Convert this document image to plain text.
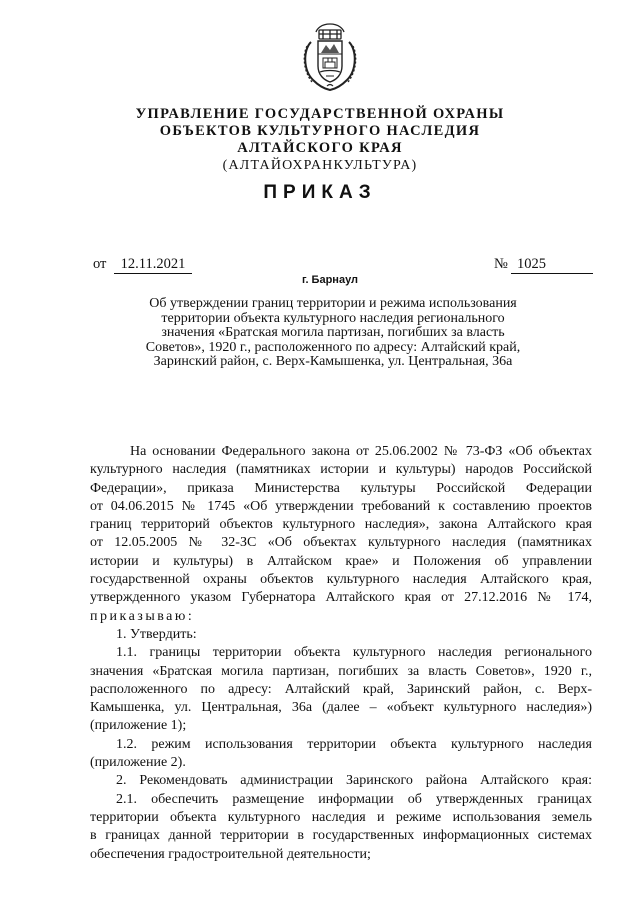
УПРАВЛЕНИЕ ГОСУДАРСТВЕННОЙ ОХРАНЫ
ОБЪЕКТОВ КУЛЬТУРНОГО НАСЛЕДИЯ
АЛТАЙСКОГО КРАЯ
(АЛТАЙОХРАНКУЛЬТУРА)
ПРИКАЗ
от 12.11.2021	№ 1025
г. Барнаул
Об утверждении границ территории и режима использования
территории объекта культурного наследия регионального
значения «Братская могила партизан, погибших за власть
Советов», 1920 г., расположенного по адресу: Алтайский край,
Заринский район, с. Верх-Камышенка, ул. Центральная, 36а
На основании Федерального закона от 25.06.2002 № 73-ФЗ «Об объектах
культурного наследия (памятниках истории и культуры) народов Российской
Федерации», приказа Министерства культуры Российской Федерации
от 04.06.2015 № 1745 «Об утверждении требований к составлению проектов
границ территорий объектов культурного наследия», закона Алтайского края
от 12.05.2005 № 32-ЗС «Об объектах культурного наследия (памятниках
истории и культуры) в Алтайском крае» и Положения об управлении
государственной охраны объектов культурного наследия Алтайского края,
утвержденного указом Губернатора Алтайского края от 27.12.2016 № 174,
приказываю:
1. Утвердить:
1.1. границы территории объекта культурного наследия регионального
значения «Братская могила партизан, погибших за власть Советов», 1920 г.,
расположенного по адресу: Алтайский край, Заринский район, с. Верх-
Камышенка, ул. Центральная, 36а (далее – «объект культурного наследия»)
(приложение 1);
1.2. режим использования территории объекта культурного наследия
(приложение 2).
2. Рекомендовать администрации Заринского района Алтайского края:
2.1. обеспечить размещение информации об утвержденных границах
территории объекта культурного наследия и режиме использования земель
в границах данной территории в государственных информационных системах
обеспечения градостроительной деятельности;
